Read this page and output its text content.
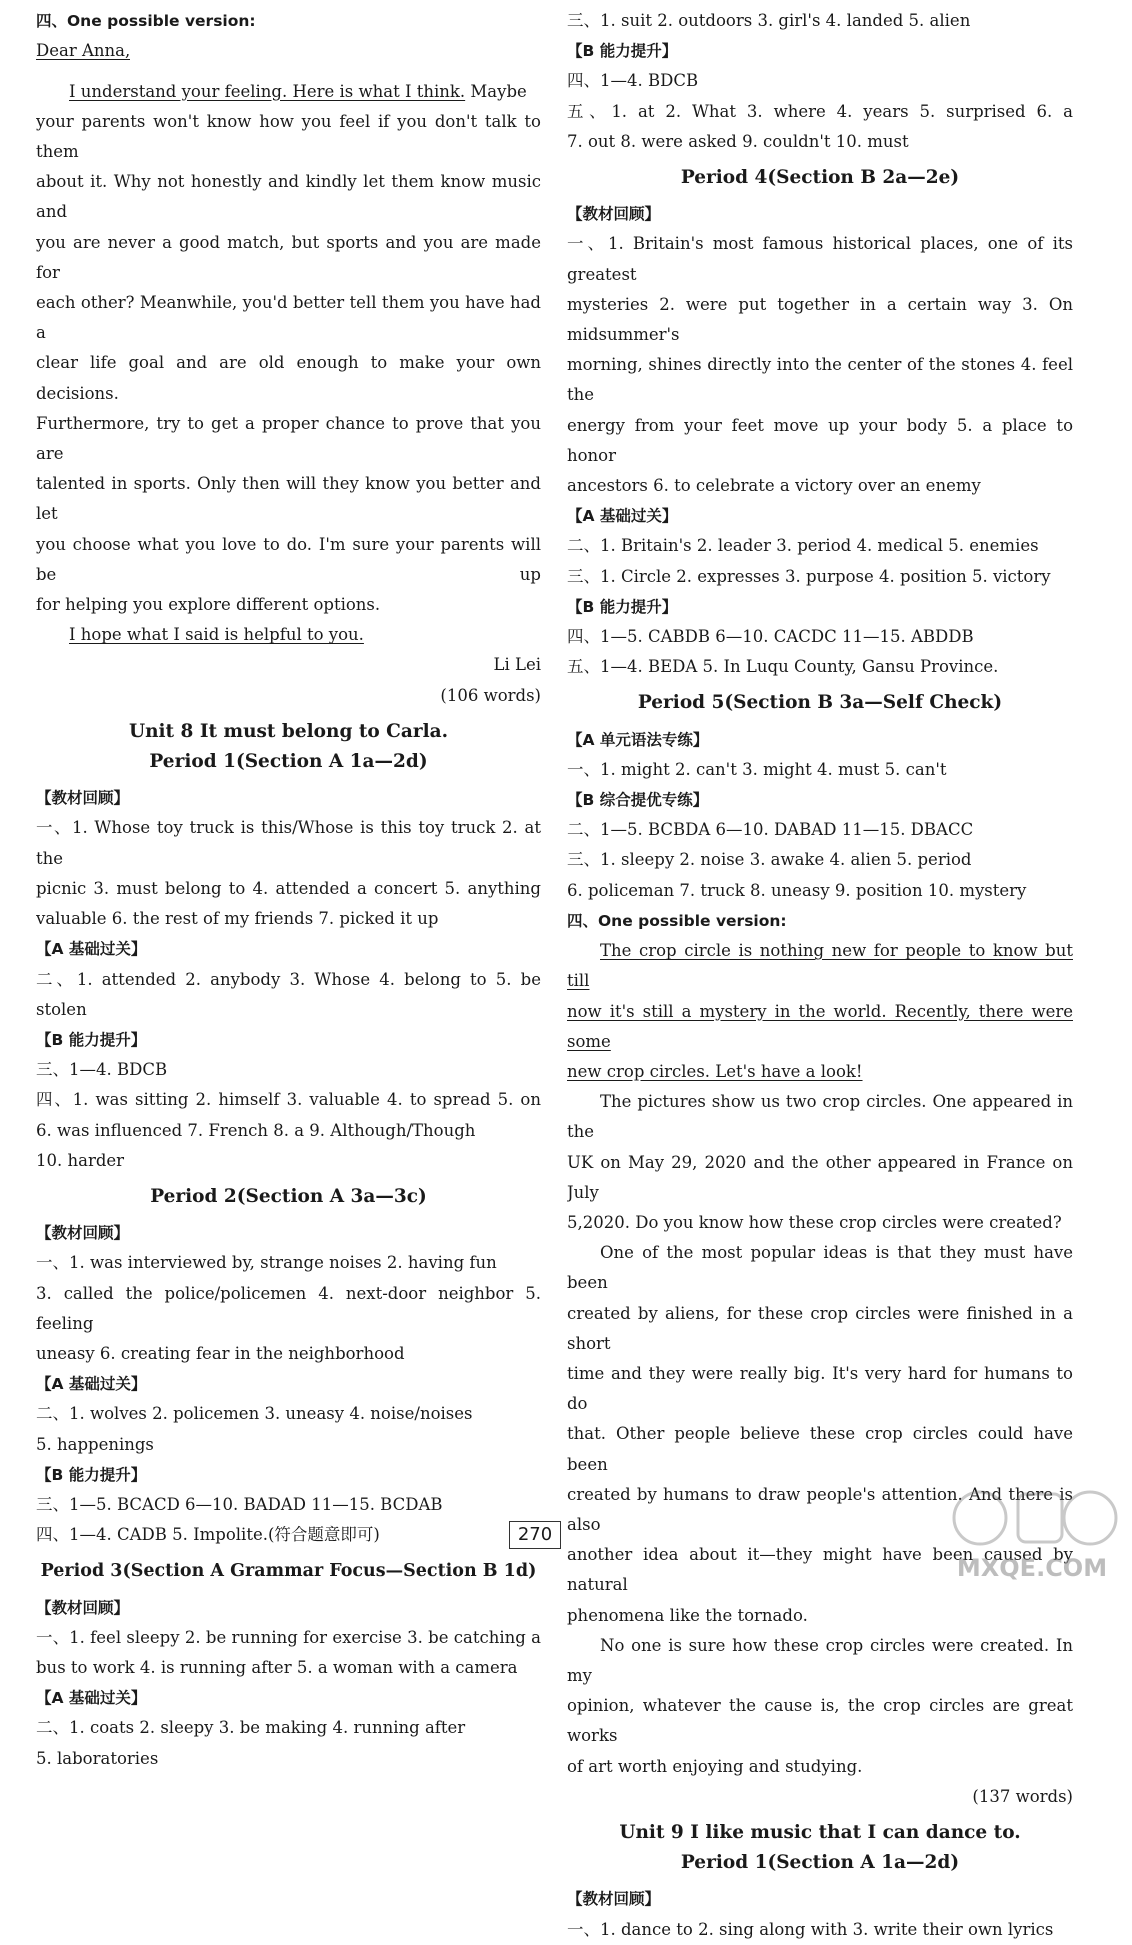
四、One possible version:
Dear Anna,
I understand your feeling. Here is what I think. Maybe
your parents won't know how you feel if you don't talk to them
about it. Why not honestly and kindly let them know music and
you are never a good match, but sports and you are made for
each other? Meanwhile, you'd better tell them you have had a
clear life goal and are old enough to make your own decisions.
Furthermore, try to get a proper chance to prove that you are
talented in sports. Only then will they know you better and let
you choose what you love to do. I'm sure your parents will be up
for helping you explore different options.
I hope what I said is helpful to you.
Li Lei
(106 words)
Unit 8 It must belong to Carla.
Period 1(Section A 1a—2d)
【教材回顾】
一、1. Whose toy truck is this/Whose is this toy truck 2. at the
picnic 3. must belong to 4. attended a concert 5. anything
valuable 6. the rest of my friends 7. picked it up
【A 基础过关】
二、1. attended 2. anybody 3. Whose 4. belong to 5. be
stolen
【B 能力提升】
三、1—4. BDCB
四、1. was sitting 2. himself 3. valuable 4. to spread 5. on
6. was influenced 7. French 8. a 9. Although/Though
10. harder
Period 2(Section A 3a—3c)
【教材回顾】
一、1. was interviewed by, strange noises 2. having fun
3. called the police/policemen 4. next-door neighbor 5. feeling
uneasy 6. creating fear in the neighborhood
【A 基础过关】
二、1. wolves 2. policemen 3. uneasy 4. noise/noises
5. happenings
【B 能力提升】
三、1—5. BCACD 6—10. BADAD 11—15. BCDAB
四、1—4. CADB 5. Impolite.(符合题意即可)
Period 3(Section A Grammar Focus—Section B 1d)
【教材回顾】
一、1. feel sleepy 2. be running for exercise 3. be catching a
bus to work 4. is running after 5. a woman with a camera
【A 基础过关】
二、1. coats 2. sleepy 3. be making 4. running after
5. laboratories
三、1. suit 2. outdoors 3. girl's 4. landed 5. alien
【B 能力提升】
四、1—4. BDCB
五、1. at 2. What 3. where 4. years 5. surprised 6. a
7. out 8. were asked 9. couldn't 10. must
Period 4(Section B 2a—2e)
【教材回顾】
一、1. Britain's most famous historical places, one of its greatest
mysteries 2. were put together in a certain way 3. On midsummer's
morning, shines directly into the center of the stones 4. feel the
energy from your feet move up your body 5. a place to honor
ancestors 6. to celebrate a victory over an enemy
【A 基础过关】
二、1. Britain's 2. leader 3. period 4. medical 5. enemies
三、1. Circle 2. expresses 3. purpose 4. position 5. victory
【B 能力提升】
四、1—5. CABDB 6—10. CACDC 11—15. ABDDB
五、1—4. BEDA 5. In Luqu County, Gansu Province.
Period 5(Section B 3a—Self Check)
【A 单元语法专练】
一、1. might 2. can't 3. might 4. must 5. can't
【B 综合提优专练】
二、1—5. BCBDA 6—10. DABAD 11—15. DBACC
三、1. sleepy 2. noise 3. awake 4. alien 5. period
6. policeman 7. truck 8. uneasy 9. position 10. mystery
四、One possible version:
The crop circle is nothing new for people to know but till
now it's still a mystery in the world. Recently, there were some
new crop circles. Let's have a look!
The pictures show us two crop circles. One appeared in the
UK on May 29, 2020 and the other appeared in France on July
5,2020. Do you know how these crop circles were created?
One of the most popular ideas is that they must have been
created by aliens, for these crop circles were finished in a short
time and they were really big. It's very hard for humans to do
that. Other people believe these crop circles could have been
created by humans to draw people's attention. And there is also
another idea about it—they might have been caused by natural
phenomena like the tornado.
No one is sure how these crop circles were created. In my
opinion, whatever the cause is, the crop circles are great works
of art worth enjoying and studying.
(137 words)
Unit 9 I like music that I can dance to.
Period 1(Section A 1a—2d)
【教材回顾】
一、1. dance to 2. sing along with 3. write their own lyrics
270
MXQE.COM
